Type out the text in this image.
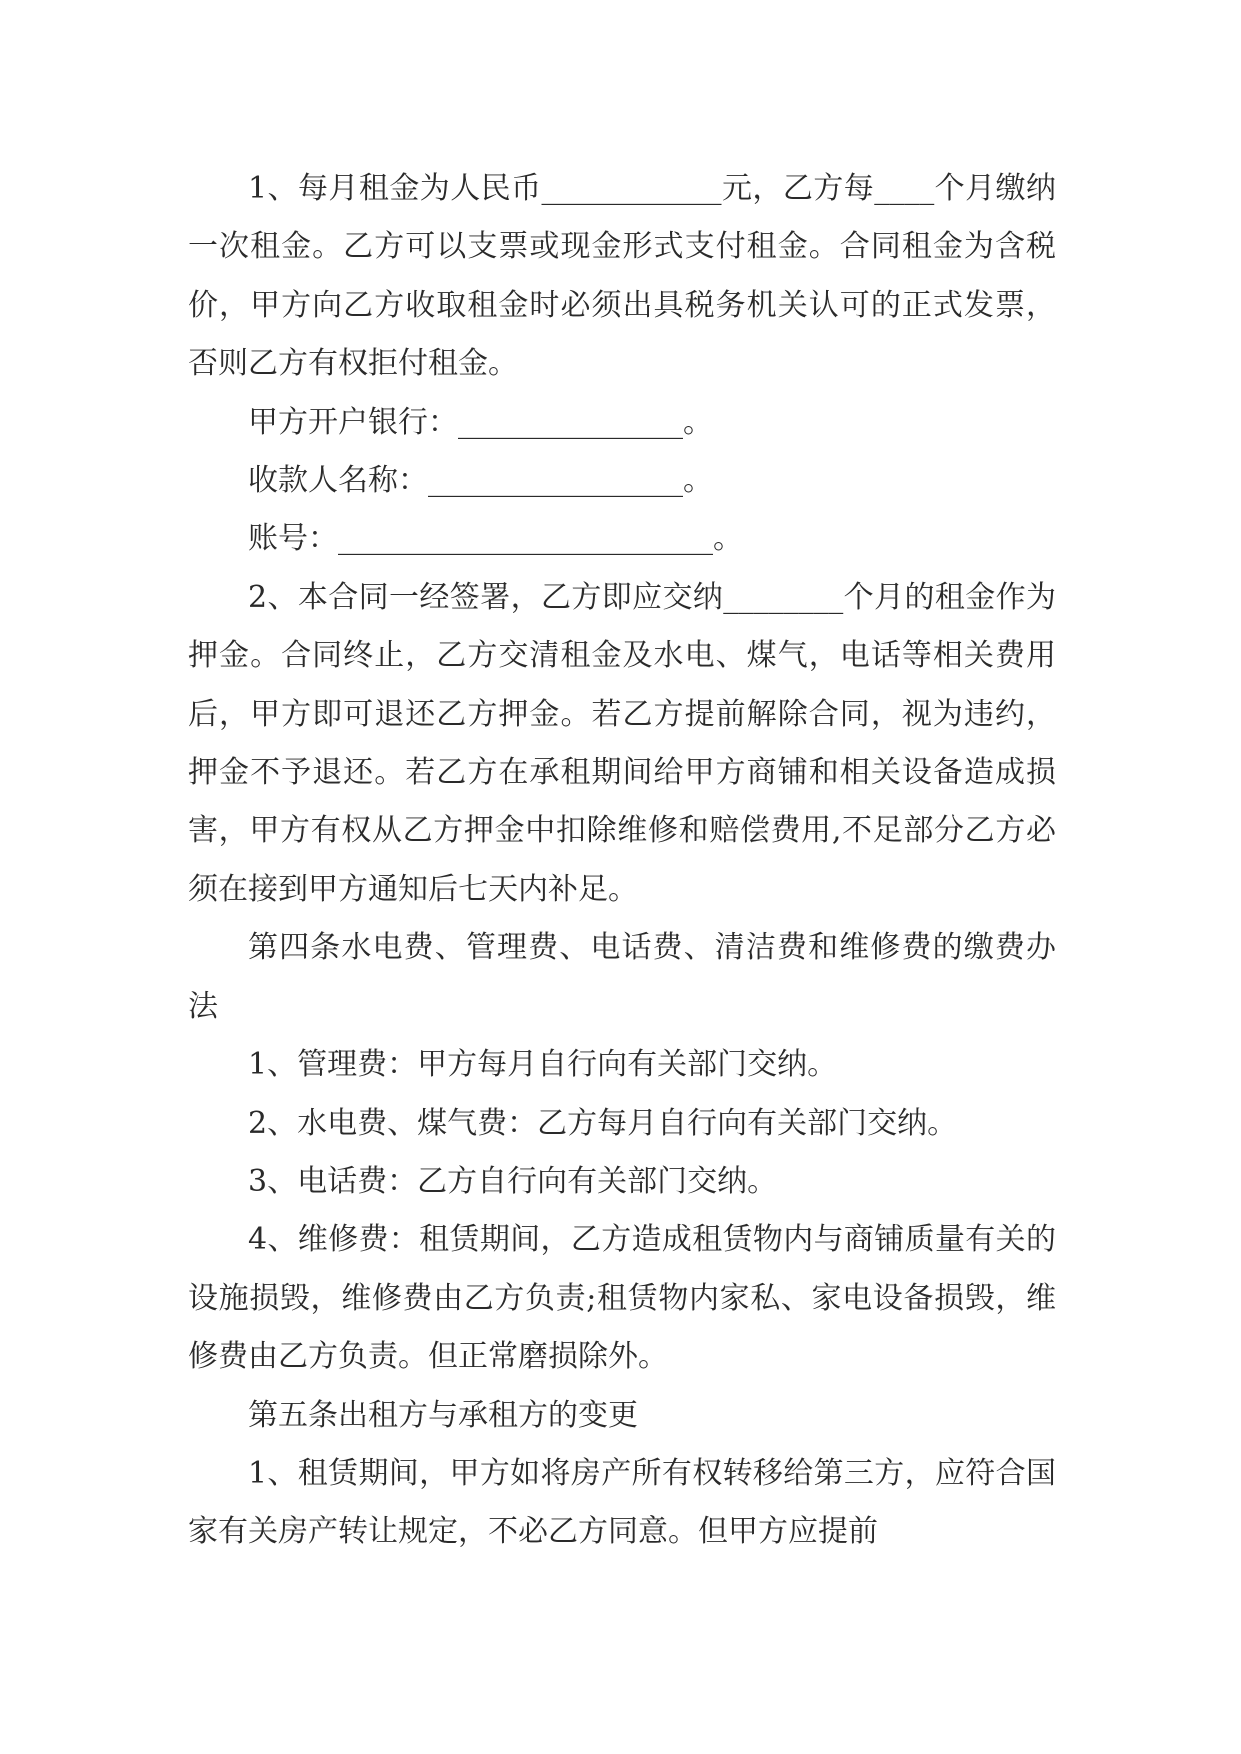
1、每月租金为人民币____________元，乙方每____个月缴纳一次租金。乙方可以支票或现金形式支付租金。合同租金为含税价，甲方向乙方收取租金时必须出具税务机关认可的正式发票，否则乙方有权拒付租金。

甲方开户银行：_______________。

收款人名称：_________________。

账号：_________________________。

2、本合同一经签署，乙方即应交纳________个月的租金作为押金。合同终止，乙方交清租金及水电、煤气，电话等相关费用后，甲方即可退还乙方押金。若乙方提前解除合同，视为违约，押金不予退还。若乙方在承租期间给甲方商铺和相关设备造成损害，甲方有权从乙方押金中扣除维修和赔偿费用,不足部分乙方必须在接到甲方通知后七天内补足。

第四条水电费、管理费、电话费、清洁费和维修费的缴费办法

1、管理费：甲方每月自行向有关部门交纳。

2、水电费、煤气费：乙方每月自行向有关部门交纳。

3、电话费：乙方自行向有关部门交纳。

4、维修费：租赁期间，乙方造成租赁物内与商铺质量有关的设施损毁，维修费由乙方负责;租赁物内家私、家电设备损毁，维修费由乙方负责。但正常磨损除外。

第五条出租方与承租方的变更

1、租赁期间，甲方如将房产所有权转移给第三方，应符合国家有关房产转让规定，不必乙方同意。但甲方应提前
